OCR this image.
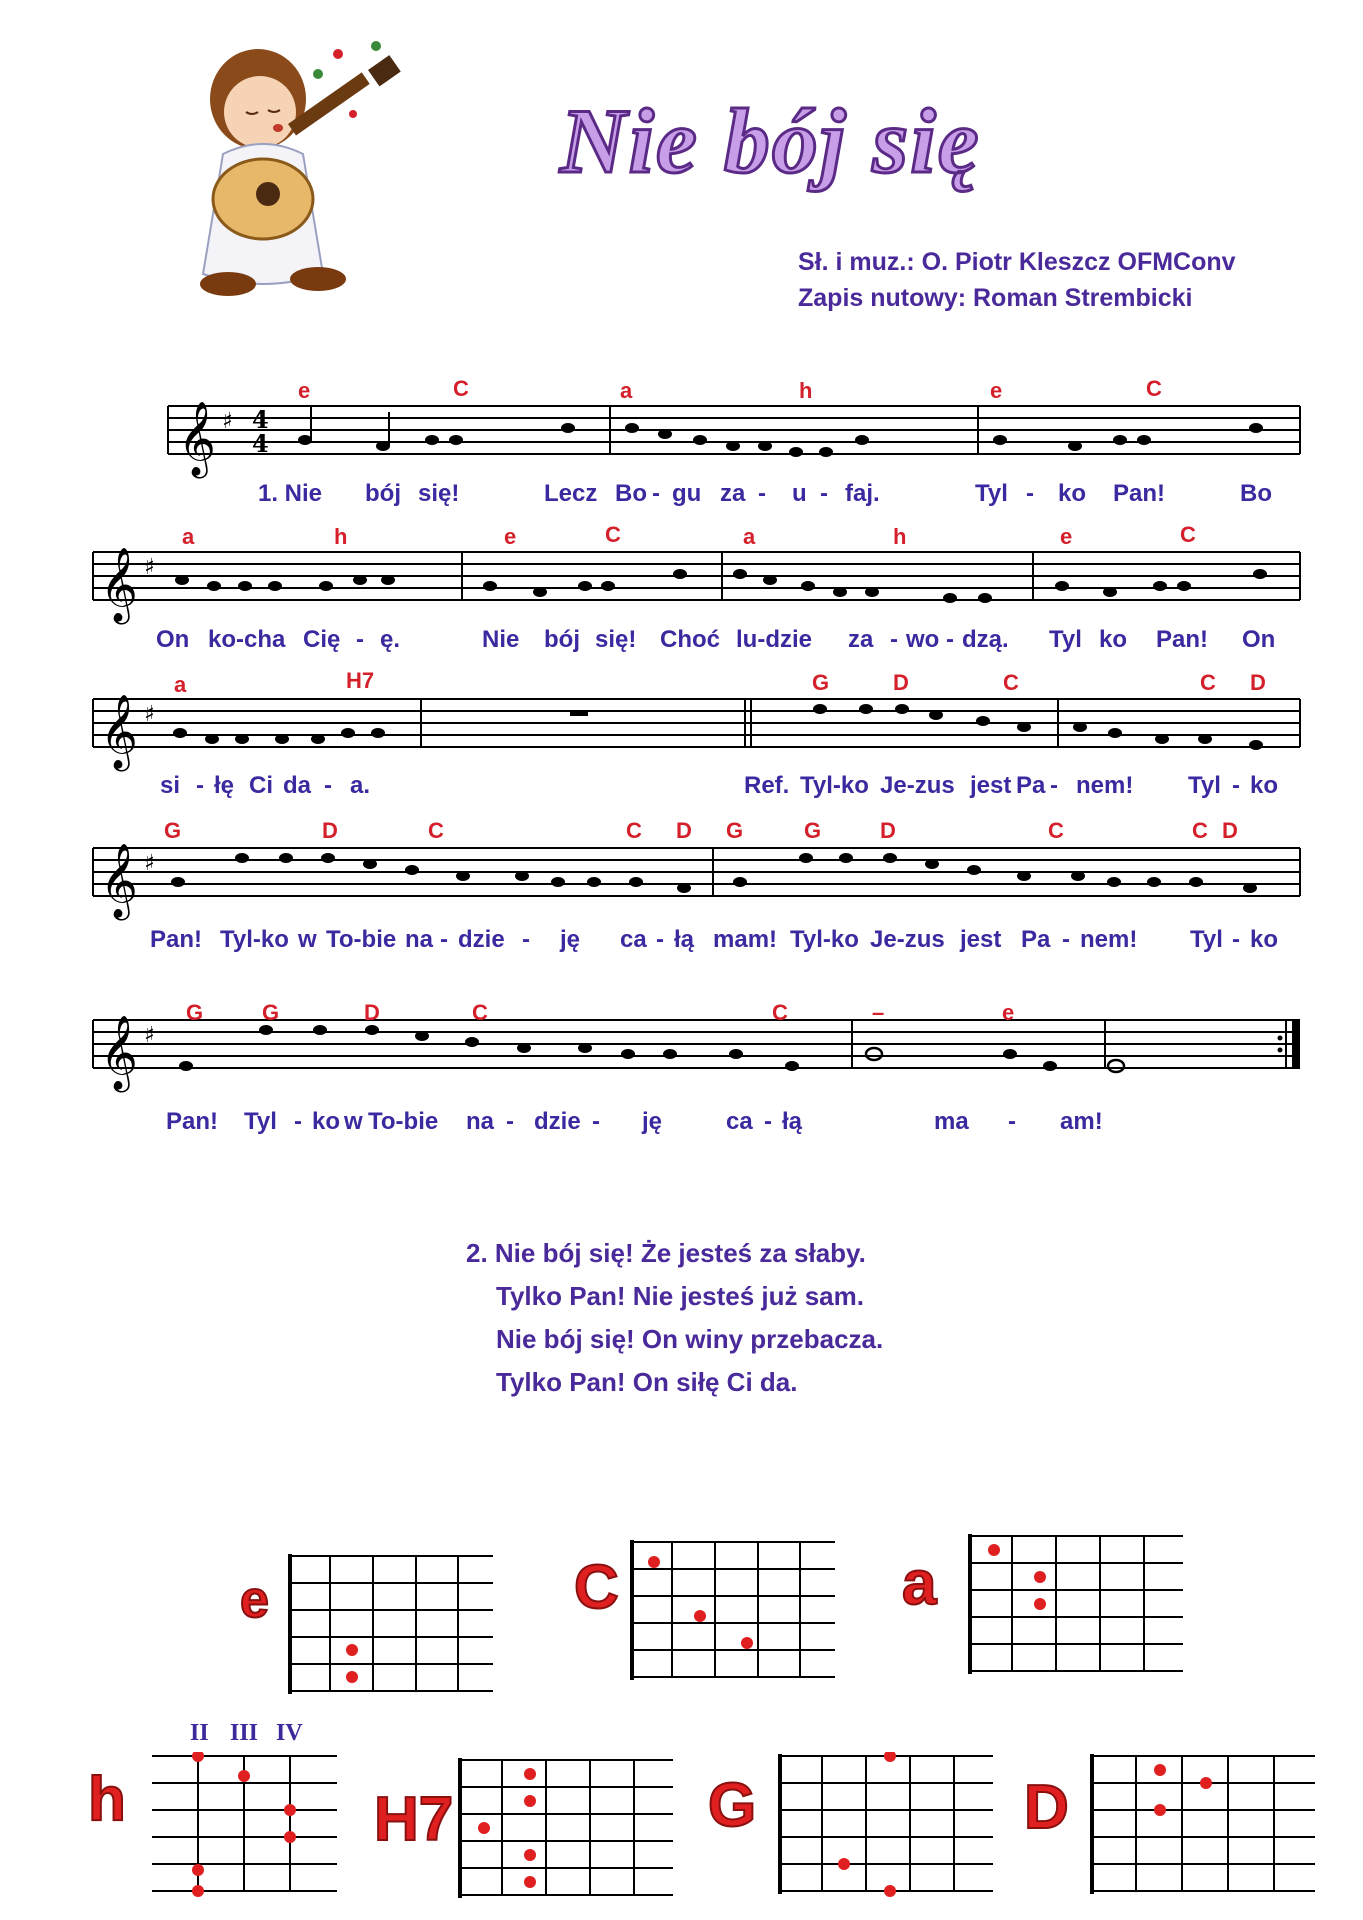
Nie bój się
Sł. i muz.: O. Piotr Kleszcz OFMConv
Zapis nutowy: Roman Strembicki
𝄞 ♯ 4
4
e	C	a	h	e	C
1. Nie bój się!	Lecz Bo - gu za - u - faj.	Tyl - ko Pan!	Bo
𝄞 ♯
a	h	e	C	a	h	e	C
On ko-cha Cię - ę.	Nie bój się! Choć lu-dzie za - wo - dzą. Tyl ko Pan! On
𝄞 ♯
a	H7	G	D	C	C D
si - łę Ci da - a.	Ref. Tyl-ko Je-zus jest Pa - nem! Tyl - ko
𝄞 ♯
G	D	C	C D G	G	D	C	C D
Pan! Tyl-ko w To-bie na - dzie - ję ca - łą mam! Tyl-ko Je-zus jest Pa - nem! Tyl - ko
𝄞 ♯
G	G	D	C	C	–	e
Pan! Tyl - ko w To-bie na - dzie - ję	ca - łą	ma - am!
2. Nie bój się! Że jesteś za słaby.
Tylko Pan! Nie jesteś już sam.
Nie bój się! On winy przebacza.
Tylko Pan! On siłę Ci da.
e	C	a
h
II III IV
H7	G	D
